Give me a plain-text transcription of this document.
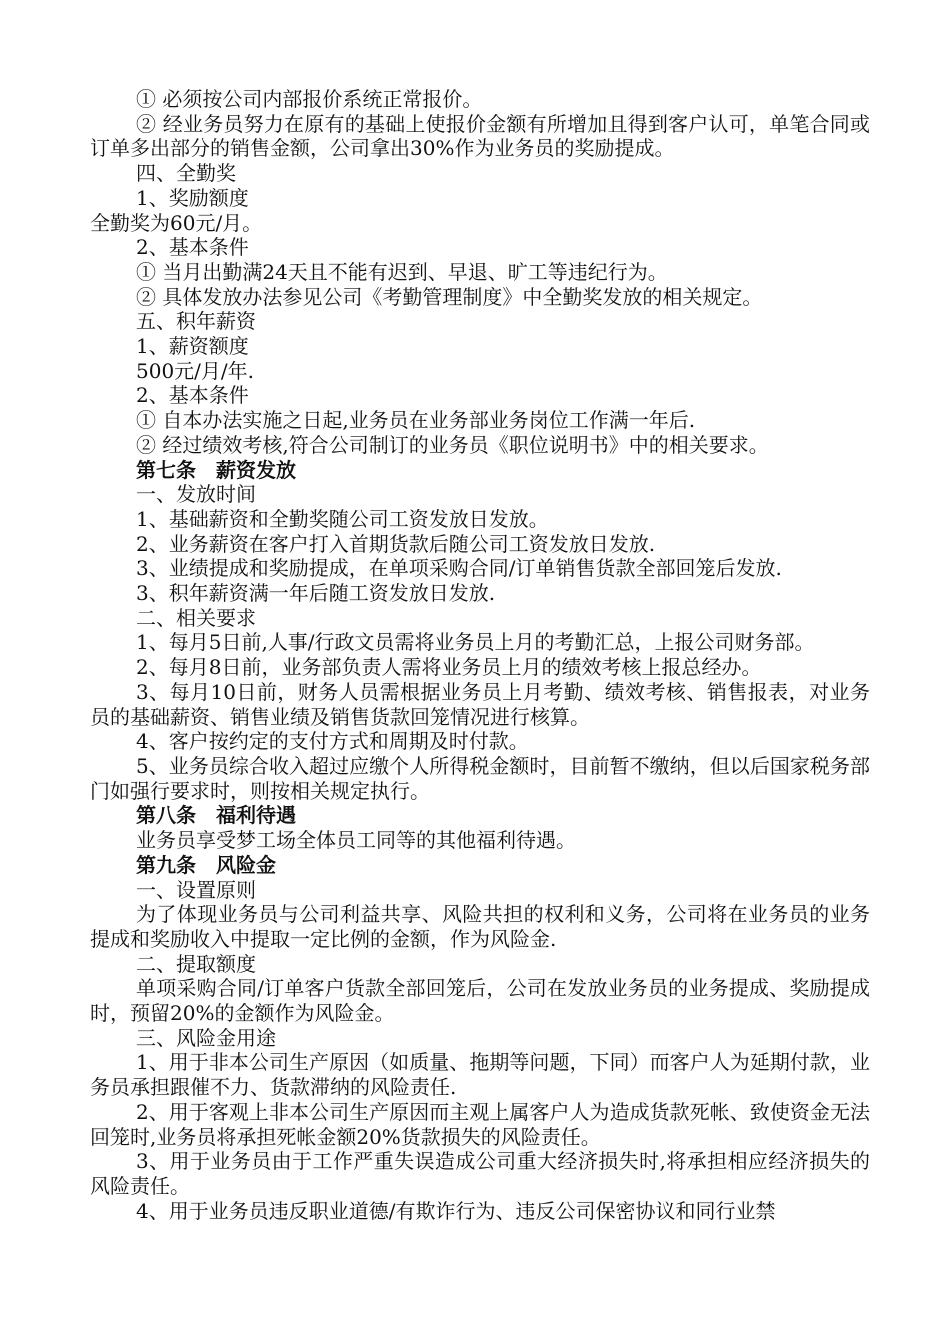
① 必须按公司内部报价系统正常报价。

② 经业务员努力在原有的基础上使报价金额有所增加且得到客户认可，单笔合同或订单多出部分的销售金额，公司拿出30%作为业务员的奖励提成。

四、全勤奖

1、奖励额度

全勤奖为60元/月。

2、基本条件

① 当月出勤满24天且不能有迟到、早退、旷工等违纪行为。

② 具体发放办法参见公司《考勤管理制度》中全勤奖发放的相关规定。

五、积年薪资

1、薪资额度

500元/月/年.

2、基本条件

① 自本办法实施之日起,业务员在业务部业务岗位工作满一年后.

② 经过绩效考核,符合公司制订的业务员《职位说明书》中的相关要求。

第七条　薪资发放

一、发放时间

1、基础薪资和全勤奖随公司工资发放日发放。

2、业务薪资在客户打入首期货款后随公司工资发放日发放.

3、业绩提成和奖励提成，在单项采购合同/订单销售货款全部回笼后发放.

3、积年薪资满一年后随工资发放日发放.

二、相关要求

1、每月5日前,人事/行政文员需将业务员上月的考勤汇总，上报公司财务部。

2、每月8日前，业务部负责人需将业务员上月的绩效考核上报总经办。

3、每月10日前，财务人员需根据业务员上月考勤、绩效考核、销售报表，对业务员的基础薪资、销售业绩及销售货款回笼情况进行核算。

4、客户按约定的支付方式和周期及时付款。

5、业务员综合收入超过应缴个人所得税金额时，目前暂不缴纳，但以后国家税务部门如强行要求时，则按相关规定执行。

第八条　福利待遇

业务员享受梦工场全体员工同等的其他福利待遇。

第九条　风险金

一、设置原则

为了体现业务员与公司利益共享、风险共担的权利和义务，公司将在业务员的业务提成和奖励收入中提取一定比例的金额，作为风险金.

二、提取额度

单项采购合同/订单客户货款全部回笼后，公司在发放业务员的业务提成、奖励提成时，预留20%的金额作为风险金。

三、风险金用途

1、用于非本公司生产原因（如质量、拖期等问题，下同）而客户人为延期付款，业务员承担跟催不力、货款滞纳的风险责任.

2、用于客观上非本公司生产原因而主观上属客户人为造成货款死帐、致使资金无法回笼时,业务员将承担死帐金额20%货款损失的风险责任。

3、用于业务员由于工作严重失误造成公司重大经济损失时,将承担相应经济损失的风险责任。

4、用于业务员违反职业道德/有欺诈行为、违反公司保密协议和同行业禁
